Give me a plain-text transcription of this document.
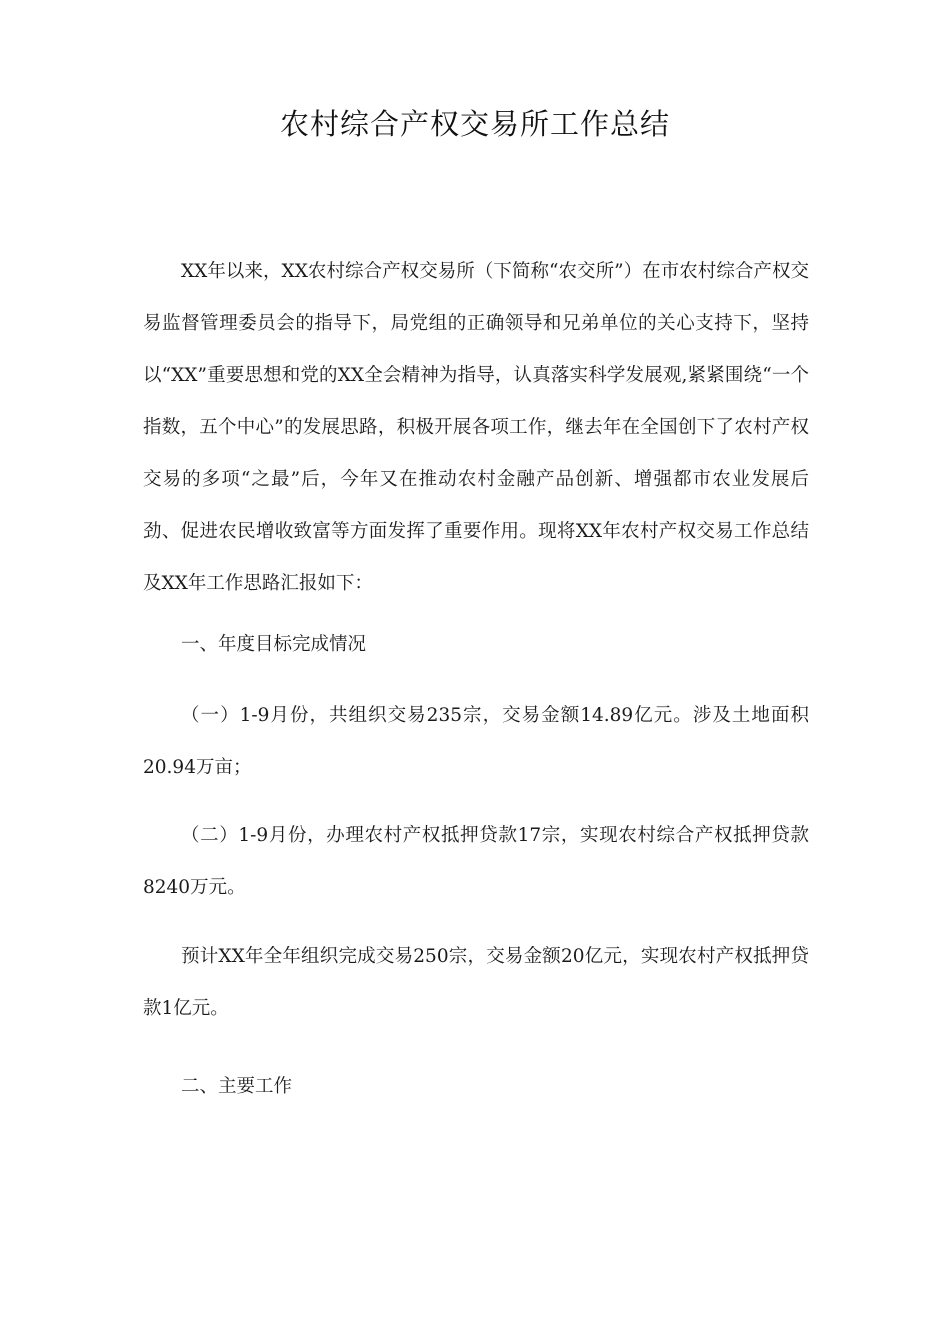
农村综合产权交易所工作总结

XX年以来，XX农村综合产权交易所（下简称“农交所”）在市农村综合产权交易监督管理委员会的指导下，局党组的正确领导和兄弟单位的关心支持下，坚持以“XX”重要思想和党的XX全会精神为指导，认真落实科学发展观,紧紧围绕“一个指数，五个中心”的发展思路，积极开展各项工作，继去年在全国创下了农村产权交易的多项“之最”后，今年又在推动农村金融产品创新、增强都市农业发展后劲、促进农民增收致富等方面发挥了重要作用。现将XX年农村产权交易工作总结及XX年工作思路汇报如下：

一、年度目标完成情况

（一）1-9月份，共组织交易235宗，交易金额14.89亿元。涉及土地面积20.94万亩；

（二）1-9月份，办理农村产权抵押贷款17宗，实现农村综合产权抵押贷款8240万元。

预计XX年全年组织完成交易250宗，交易金额20亿元，实现农村产权抵押贷款1亿元。

二、主要工作
